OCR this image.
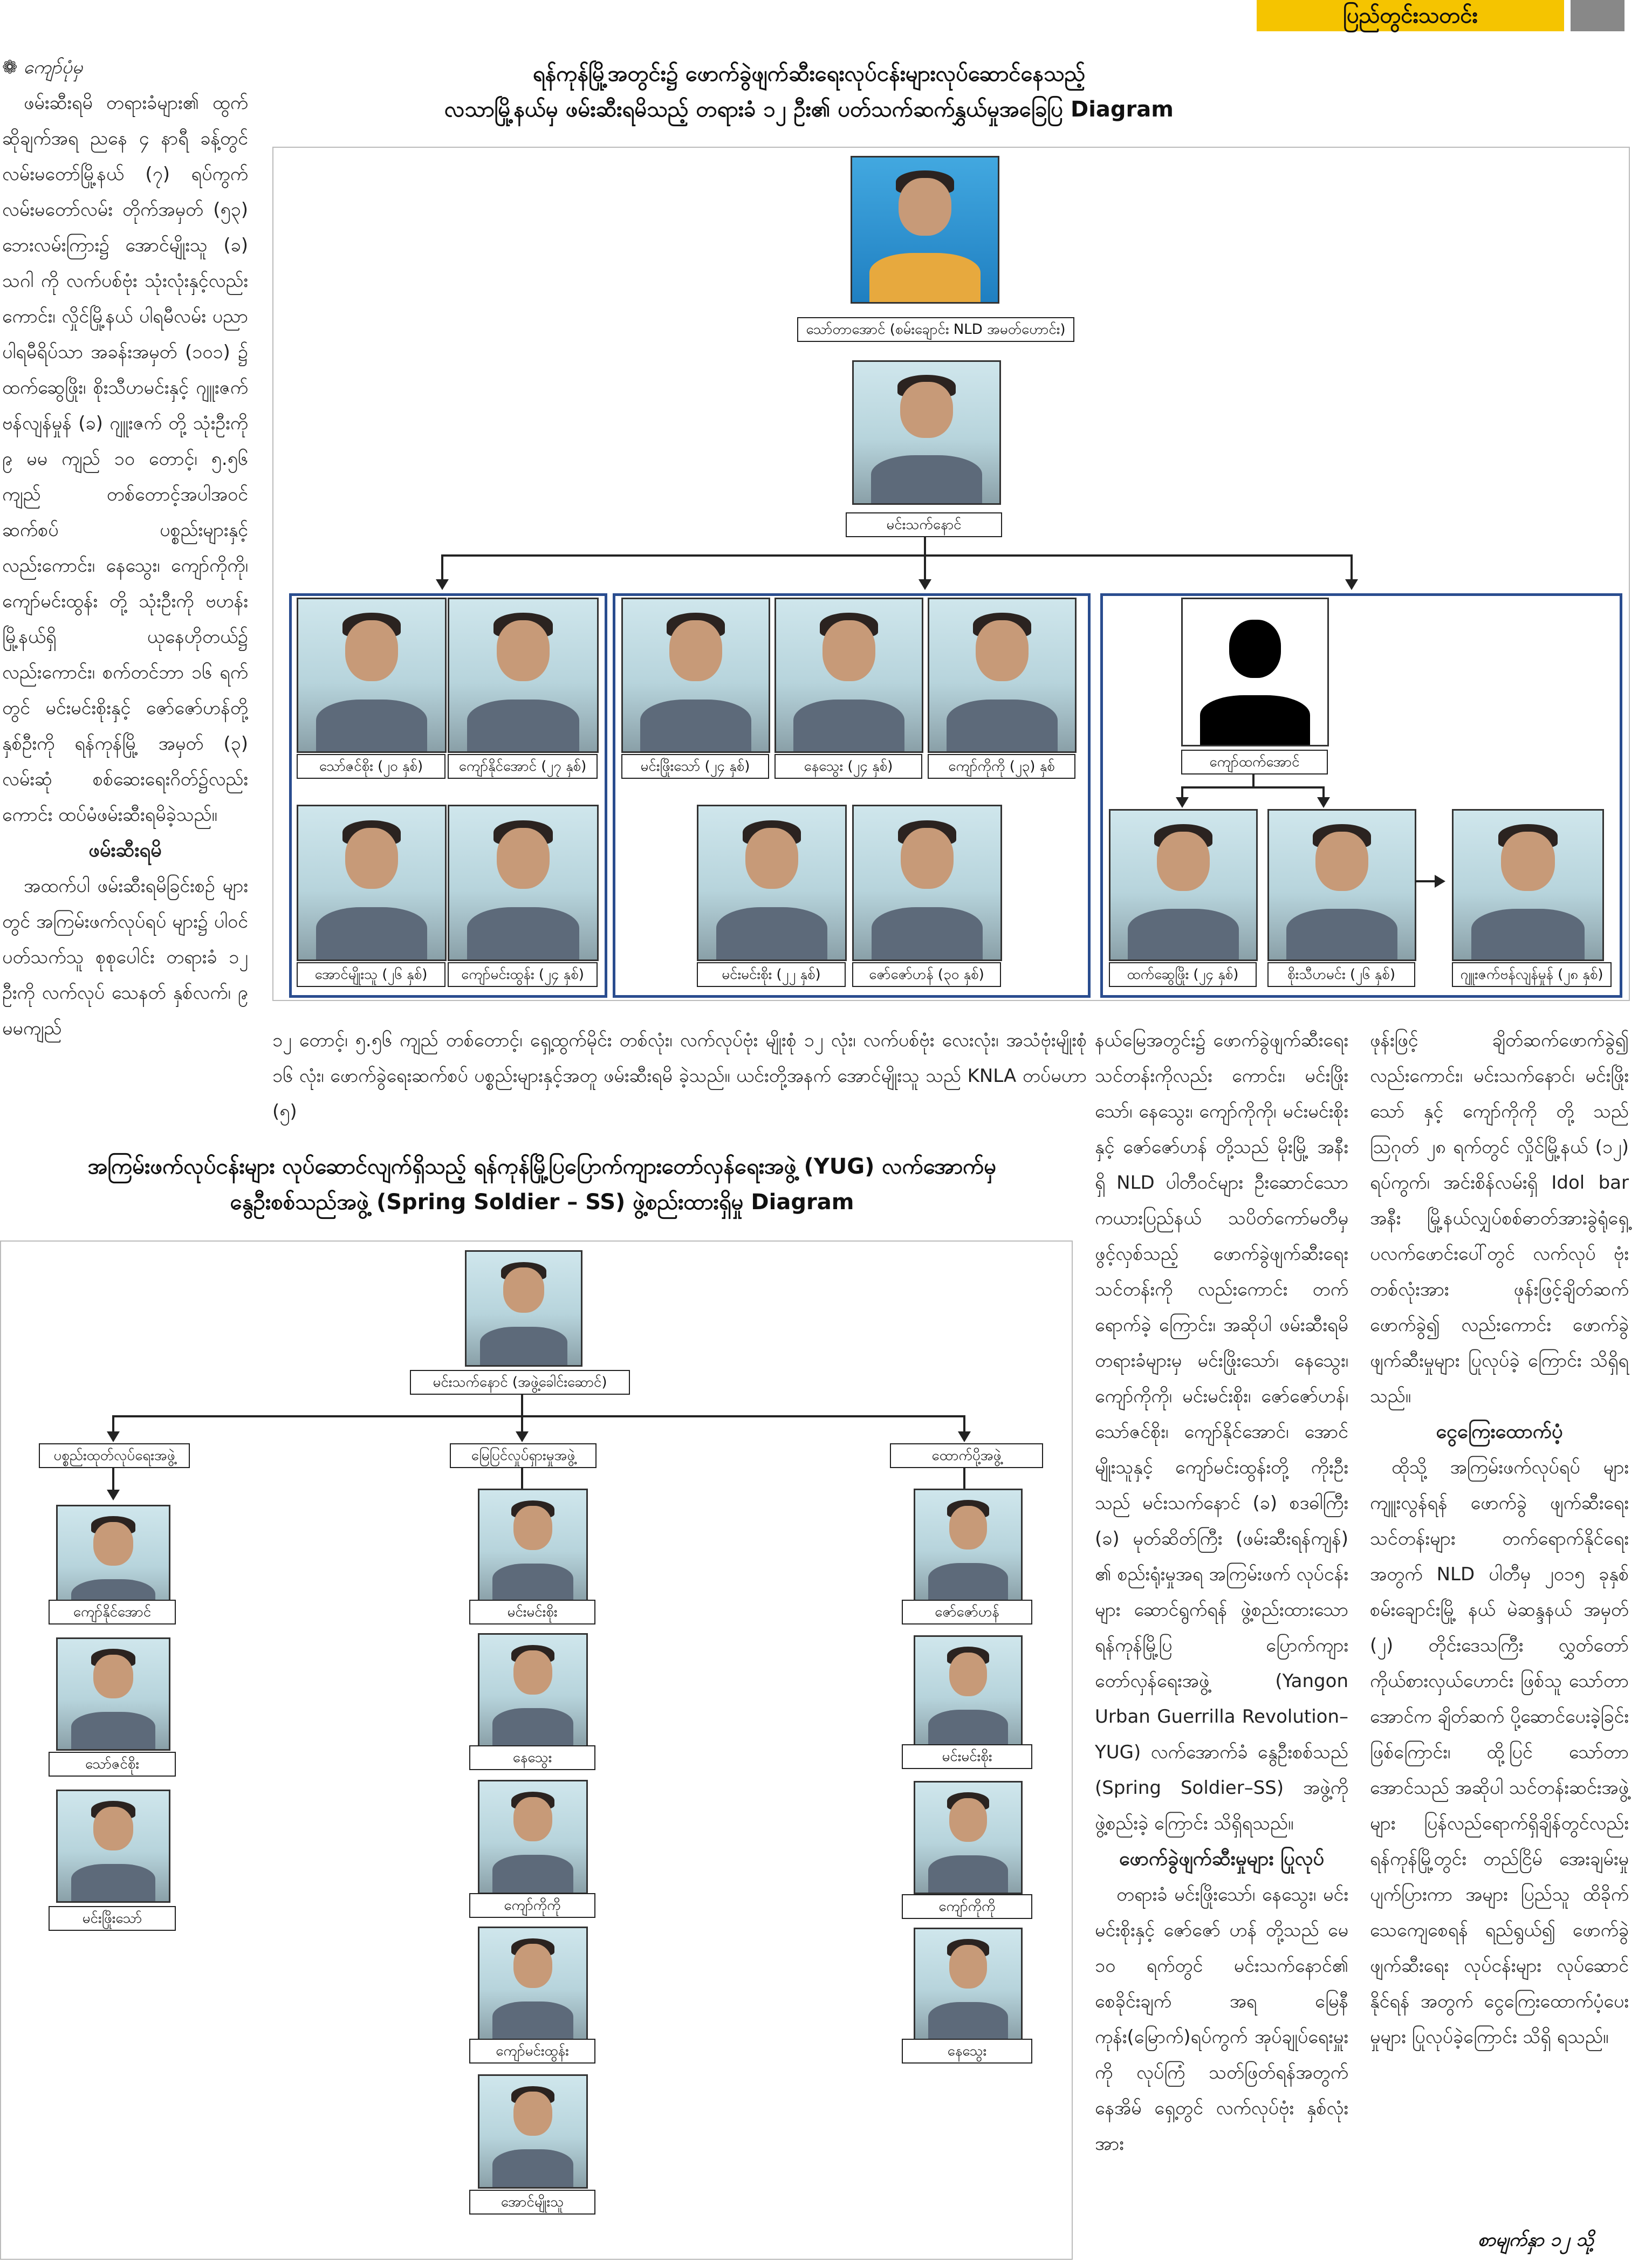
ပြည်တွင်းသတင်း
❁ ကျော်ပုံမှ

ဖမ်းဆီးရမိ တရားခံများ၏ ထွက်ဆိုချက်အရ ညနေ ၄ နာရီ ခန့်တွင် လမ်းမတော်မြို့နယ် (၇) ရပ်ကွက် လမ်းမတော်လမ်း တိုက်အမှတ် (၅၃) ဘေးလမ်းကြား၌ အောင်မျိုးသူ (ခ) သဂါ ကို လက်ပစ်ဗုံး သုံးလုံးနှင့်လည်း ကောင်း၊ လှိုင်မြို့နယ် ပါရမီလမ်း ပညာပါရမီရိပ်သာ အခန်းအမှတ် (၁၀၁) ၌ ထက်ဆွေဖြိုး၊ စိုးသီဟမင်းနှင့် ဂျူးဇက်ဗန်လျန်မှုန် (ခ) ဂျူးဇက် တို့ သုံးဦးကို ၉ မမ ကျည် ၁၀ တောင့်၊ ၅.၅၆ ကျည် တစ်တောင့်အပါအဝင် ဆက်စပ် ပစ္စည်းများနှင့် လည်းကောင်း၊ နေသွေး၊ ကျော်ကိုကို၊ ကျော်မင်းထွန်း တို့ သုံးဦးကို ဗဟန်းမြို့နယ်ရှိ ယုနေဟိုတယ်၌ လည်းကောင်း၊ စက်တင်ဘာ ၁၆ ရက်တွင် မင်းမင်းစိုးနှင့် ဇော်ဇော်ဟန်တို့ နှစ်ဦးကို ရန်ကုန်မြို့ အမှတ် (၃) လမ်းဆုံ စစ်ဆေးရေးဂိတ်၌လည်း ကောင်း ထပ်မံဖမ်းဆီးရမိခဲ့သည်။

ဖမ်းဆီးရမိ

အထက်ပါ ဖမ်းဆီးရမိခြင်းစဉ် များတွင် အကြမ်းဖက်လုပ်ရပ် များ၌ ပါဝင်ပတ်သက်သူ စုစုပေါင်း တရားခံ ၁၂ ဦးကို လက်လုပ် သေနတ် နှစ်လက်၊ ၉ မမကျည်

ရန်ကုန်မြို့အတွင်း၌ ဖောက်ခွဲဖျက်ဆီးရေးလုပ်ငန်းများလုပ်ဆောင်နေသည့်
လသာမြို့နယ်မှ ဖမ်းဆီးရမိသည့် တရားခံ ၁၂ ဦး၏ ပတ်သက်ဆက်နွှယ်မှုအခြေပြ Diagram
သော်တာအောင် (စမ်းချောင်း NLD အမတ်ဟောင်း)
မင်းသက်နောင်
သော်ဇင်စိုး (၂၀ နှစ်)	ကျော်နိုင်အောင် (၂၇ နှစ်)
အောင်မျိုးသူ (၂၆ နှစ်)	ကျော်မင်းထွန်း (၂၄ နှစ်)
မင်းဖြိုးသော် (၂၄ နှစ်)	နေသွေး (၂၄ နှစ်)	ကျော်ကိုကို (၂၃) နှစ်
မင်းမင်းစိုး (၂၂ နှစ်)	ဇော်ဇော်ဟန် (၃၀ နှစ်)
ကျော်ထက်အောင်
ထက်ဆွေဖြိုး (၂၄ နှစ်)	စိုးသီဟမင်း (၂၆ နှစ်)	ဂျူးဇက်ဗန်လျန်မှုန် (၂၈ နှစ်)

၁၂ တောင့်၊ ၅.၅၆ ကျည် တစ်တောင့်၊ ရှေ့ထွက်မိုင်း တစ်လုံး၊ လက်လုပ်ဗုံး မျိုးစုံ ၁၂ လုံး၊ လက်ပစ်ဗုံး လေးလုံး၊ အသံဗုံးမျိုးစုံ ၁၆ လုံး၊ ဖောက်ခွဲရေးဆက်စပ် ပစ္စည်းများနှင့်အတူ ဖမ်းဆီးရမိ ခဲ့သည်။ ယင်းတို့အနက် အောင်မျိုးသူ သည် KNLA တပ်မဟာ (၅)

အကြမ်းဖက်လုပ်ငန်းများ လုပ်ဆောင်လျက်ရှိသည့် ရန်ကုန်မြို့ပြပြောက်ကျားတော်လှန်ရေးအဖွဲ့ (YUG) လက်အောက်မှ
နွေဦးစစ်သည်အဖွဲ့ (Spring Soldier – SS) ဖွဲ့စည်းထားရှိမှု Diagram
မင်းသက်နောင် (အဖွဲ့ခေါင်းဆောင်)
ပစ္စည်းထုတ်လုပ်ရေးအဖွဲ့	မြေပြင်လှုပ်ရှားမှုအဖွဲ့	ထောက်ပို့အဖွဲ့
ကျော်နိုင်အောင်
သော်ဇင်စိုး
မင်းဖြိုးသော်
မင်းမင်းစိုး
နေသွေး
ကျော်ကိုကို
ကျော်မင်းထွန်း
အောင်မျိုးသူ
ဇော်ဇော်ဟန်
မင်းမင်းစိုး
ကျော်ကိုကို
နေသွေး

နယ်မြေအတွင်း၌ ဖောက်ခွဲဖျက်ဆီးရေး သင်တန်းကိုလည်း ကောင်း၊ မင်းဖြိုးသော်၊ နေသွေး၊ ကျော်ကိုကို၊ မင်းမင်းစိုးနှင့် ဇော်ဇော်ဟန် တို့သည် မိုးမြို့ အနီးရှိ NLD ပါတီဝင်များ ဦးဆောင်သော ကယားပြည်နယ် သပိတ်ကော်မတီမှ ဖွင့်လှစ်သည့် ဖောက်ခွဲဖျက်ဆီးရေးသင်တန်းကို လည်းကောင်း တက်ရောက်ခဲ့ ကြောင်း၊ အဆိုပါ ဖမ်းဆီးရမိ တရားခံများမှ မင်းဖြိုးသော်၊ နေသွေး၊ ကျော်ကိုကို၊ မင်းမင်းစိုး၊ ဇော်ဇော်ဟန်၊ သော်ဇင်စိုး၊ ကျော်နိုင်အောင်၊ အောင်မျိုးသူနှင့် ကျော်မင်းထွန်းတို့ ကိုးဦးသည် မင်းသက်နောင် (ခ) စဒဓါကြီး (ခ) မုတ်ဆိတ်ကြီး (ဖမ်းဆီးရန်ကျန်) ၏ စည်းရုံးမှုအရ အကြမ်းဖက် လုပ်ငန်းများ ဆောင်ရွက်ရန် ဖွဲ့စည်းထားသော ရန်ကုန်မြို့ပြ ပြောက်ကျား တော်လှန်ရေးအဖွဲ့ (Yangon Urban Guerrilla Revolution–YUG) လက်အောက်ခံ နွေဦးစစ်သည် (Spring Soldier–SS) အဖွဲ့ကို ဖွဲ့စည်းခဲ့ ကြောင်း သိရှိရသည်။

ဖောက်ခွဲဖျက်ဆီးမှုများ ပြုလုပ်

တရားခံ မင်းဖြိုးသော်၊ နေသွေး၊ မင်းမင်းစိုးနှင့် ဇော်ဇော် ဟန် တို့သည် မေ ၁၀ ရက်တွင် မင်းသက်နောင်၏ စေခိုင်းချက် အရ မြေနီကုန်း(မြောက်)ရပ်ကွက် အုပ်ချုပ်ရေးမှူးကို လုပ်ကြံ သတ်ဖြတ်ရန်အတွက် နေအိမ် ရှေ့တွင် လက်လုပ်ဗုံး နှစ်လုံးအား

ဖုန်းဖြင့် ချိတ်ဆက်ဖောက်ခွဲ၍ လည်းကောင်း၊ မင်းသက်နောင်၊ မင်းဖြိုးသော် နှင့် ကျော်ကိုကို တို့ သည် ဩဂုတ် ၂၈ ရက်တွင် လှိုင်မြို့နယ် (၁၂) ရပ်ကွက်၊ အင်းစိန်လမ်းရှိ Idol bar အနီး မြို့နယ်လျှပ်စစ်ဓာတ်အားခွဲရုံရှေ့ ပလက်ဖောင်းပေါ်တွင် လက်လုပ် ဗုံး တစ်လုံးအား ဖုန်းဖြင့်ချိတ်ဆက် ဖောက်ခွဲ၍ လည်းကောင်း ဖောက်ခွဲဖျက်ဆီးမှုများ ပြုလုပ်ခဲ့ ကြောင်း သိရှိရသည်။

ငွေကြေးထောက်ပံ့

ထိုသို့ အကြမ်းဖက်လုပ်ရပ် များ ကျူးလွန်ရန် ဖောက်ခွဲ ဖျက်ဆီးရေး သင်တန်းများ တက်ရောက်နိုင်ရေးအတွက် NLD ပါတီမှ ၂၀၁၅ ခုနှစ် စမ်းချောင်းမြို့ နယ် မဲဆန္ဒနယ် အမှတ် (၂) တိုင်းဒေသကြီး လွှတ်တော် ကိုယ်စားလှယ်ဟောင်း ဖြစ်သူ သော်တာအောင်က ချိတ်ဆက် ပို့ဆောင်ပေးခဲ့ခြင်း ဖြစ်ကြောင်း၊ ထို့ပြင် သော်တာအောင်သည် အဆိုပါ သင်တန်းဆင်းအဖွဲ့များ ပြန်လည်ရောက်ရှိချိန်တွင်လည်း ရန်ကုန်မြို့တွင်း တည်ငြိမ် အေးချမ်းမှု ပျက်ပြားကာ အများ ပြည်သူ ထိခိုက်သေကျေစေရန် ရည်ရွယ်၍ ဖောက်ခွဲဖျက်ဆီးရေး လုပ်ငန်းများ လုပ်ဆောင်နိုင်ရန် အတွက် ငွေကြေးထောက်ပံ့ပေး မှုများ ပြုလုပ်ခဲ့ကြောင်း သိရှိ ရသည်။

စာမျက်နှာ ၁၂ သို့
